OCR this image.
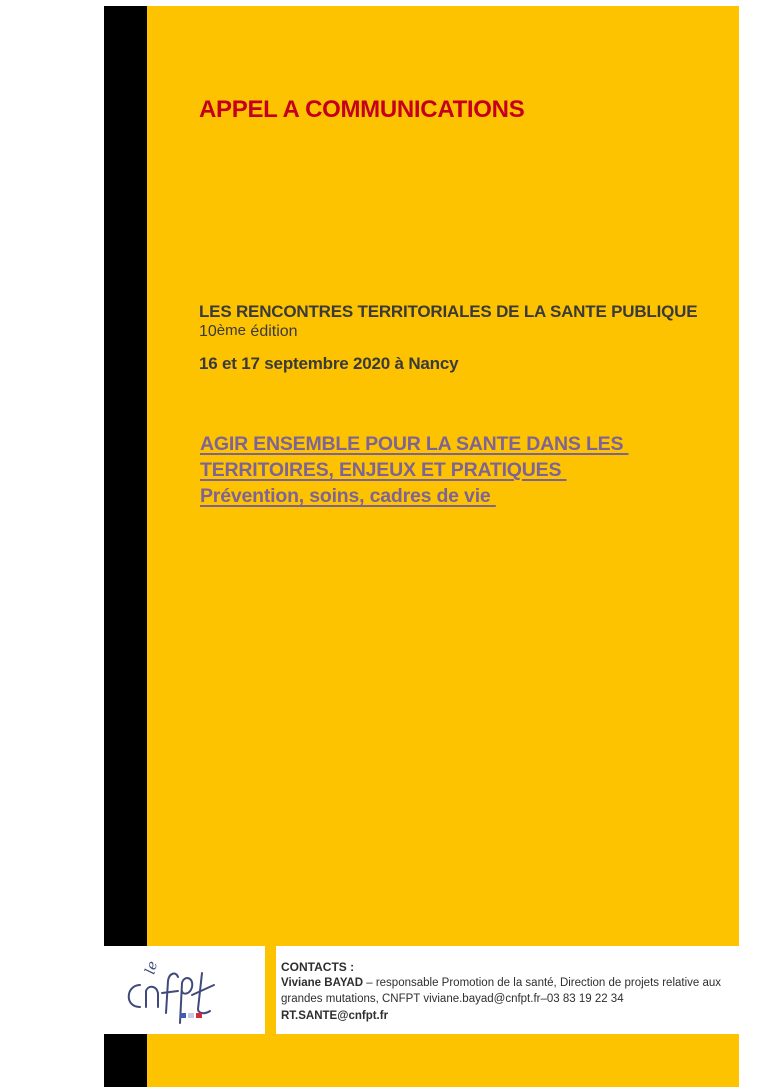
APPEL A COMMUNICATIONS
LES RENCONTRES TERRITORIALES DE LA SANTE PUBLIQUE
10ème édition
16 et 17 septembre 2020 à Nancy
AGIR ENSEMBLE POUR LA SANTE DANS LES
TERRITOIRES, ENJEUX ET PRATIQUES
Prévention, soins, cadres de vie
le	CONTACTS :
Viviane BAYAD – responsable Promotion de la santé, Direction de projets relative aux
grandes mutations, CNFPT viviane.bayad@cnfpt.fr–03 83 19 22 34
RT.SANTE@cnfpt.fr
